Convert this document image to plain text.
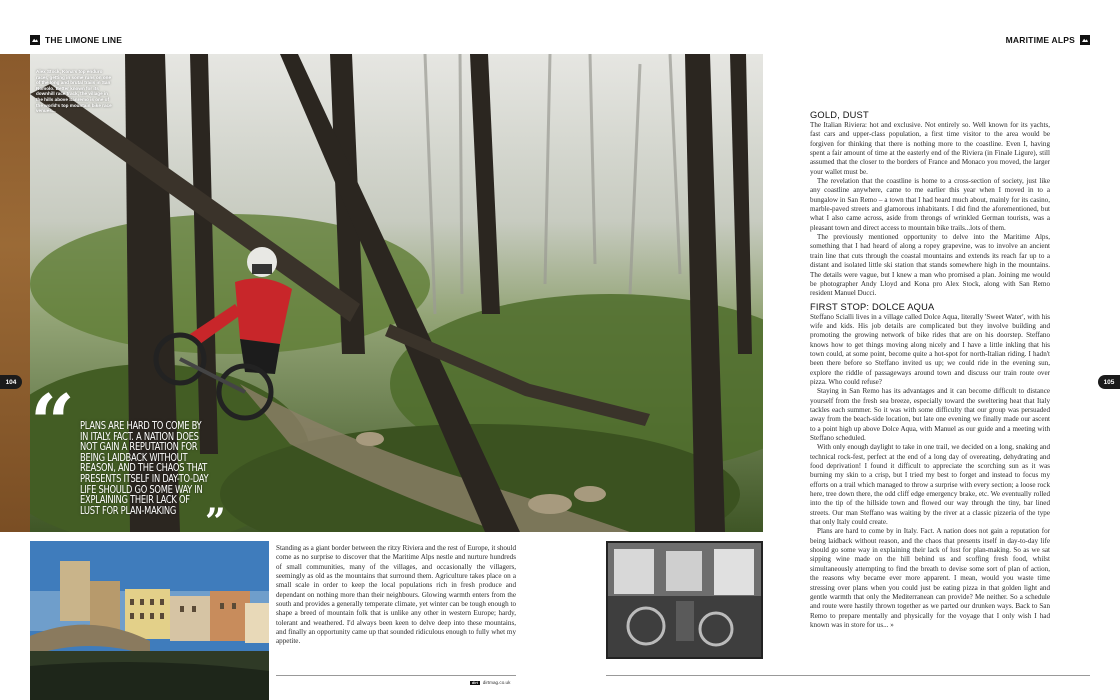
THE LIMONE LINE	MARITIME ALPS
104	105
Alex Stock, Kona's top enduro racer, getting in some runs on one of the long and brutal trails in San Romolo. Better known for its downhill race track, the village in the hills above Sanremo is one of the world's top mountain bike race venues...
“ PLANS ARE HARD TO COME BY IN ITALY. FACT. A NATION DOES NOT GAIN A REPUTATION FOR BEING LAIDBACK WITHOUT REASON, AND THE CHAOS THAT PRESENTS ITSELF IN DAY-TO-DAY LIFE SHOULD GO SOME WAY IN EXPLAINING THEIR LACK OF LUST FOR PLAN-MAKING ”
Standing as a giant border between the ritzy Riviera and the rest of Europe, it should come as no surprise to discover that the Maritime Alps nestle and nurture hundreds of small communities, many of the villages, and occasionally the villagers, seemingly as old as the mountains that surround them. Agriculture takes place on a small scale in order to keep the local populations rich in fresh produce and dependant on nothing more than their neighbours. Glowing warmth enters from the south and provides a generally temperate climate, yet winter can be tough enough to shape a breed of mountain folk that is unlike any other in western Europe; hardy, tolerant and weathered. I'd always been keen to delve deep into these mountains, and finally an opportunity came up that sounded ridiculous enough to fully whet my appetite.
dirt	dirtmag.co.uk
GOLD, DUST

The Italian Riviera: hot and exclusive. Not entirely so. Well known for its yachts, fast cars and upper-class population, a first time visitor to the area would be forgiven for thinking that there is nothing more to the coastline. Even I, having spent a fair amount of time at the easterly end of the Riviera (in Finale Ligure), still assumed that the closer to the borders of France and Monaco you moved, the larger your wallet must be.

The revelation that the coastline is home to a cross-section of society, just like any coastline anywhere, came to me earlier this year when I moved in to a bungalow in San Remo – a town that I had heard much about, mainly for its casino, marble-paved streets and glamorous inhabitants. I did find the aforementioned, but what I also came across, aside from throngs of wrinkled German tourists, was a pleasant town and direct access to mountain bike trails...lots of them.

The previously mentioned opportunity to delve into the Maritime Alps, something that I had heard of along a ropey grapevine, was to involve an ancient train line that cuts through the coastal mountains and extends its reach far up to a distant and isolated little ski station that stands somewhere high in the mountains. The details were vague, but I knew a man who promised a plan. Joining me would be photographer Andy Lloyd and Kona pro Alex Stock, along with San Remo resident Manuel Ducci.

FIRST STOP: DOLCE AQUA

Steffano Scialli lives in a village called Dolce Aqua, literally 'Sweet Water', with his wife and kids. His job details are complicated but they involve building and promoting the growing network of bike rides that are on his doorstep. Steffano knows how to get things moving along nicely and I have a little inkling that his town could, at some point, become quite a hot-spot for north-Italian riding. I hadn't been there before so Steffano invited us up; we could ride in the evening sun, explore the riddle of passageways around town and discuss our train route over pizza. Who could refuse?

Staying in San Remo has its advantages and it can become difficult to distance yourself from the fresh sea breeze, especially toward the sweltering heat that Italy tackles each summer. So it was with some difficulty that our group was persuaded away from the beach-side location, but late one evening we finally made our ascent to a point high up above Dolce Aqua, with Manuel as our guide and a meeting with Steffano scheduled.

With only enough daylight to take in one trail, we decided on a long, snaking and technical rock-fest, perfect at the end of a long day of overeating, dehydrating and food deprivation! I found it difficult to appreciate the scorching sun as it was burning my skin to a crisp, but I tried my best to forget and instead to focus my efforts on a trail which managed to throw a surprise with every section; a loose rock here, tree down there, the odd cliff edge emergency brake, etc. We eventually rolled into the tip of the hillside town and flowed our way through the tiny, bar lined streets. Our man Steffano was waiting by the river at a classic pizzeria of the type that only Italy could create.

Plans are hard to come by in Italy. Fact. A nation does not gain a reputation for being laidback without reason, and the chaos that presents itself in day-to-day life should go some way in explaining their lack of lust for plan-making. So as we sat sipping wine made on the hill behind us and scoffing fresh food, whilst simultaneously attempting to find the breath to devise some sort of plan of action, the reasons why became ever more apparent. I mean, would you waste time stressing over plans when you could just be eating pizza in that golden light and gentle warmth that only the Mediterranean can provide? Me neither. So a schedule and route were hastily thrown together as we parted our drunken ways. Back to San Remo to prepare mentally and physically for the voyage that I only wish I had known was in store for us... »
